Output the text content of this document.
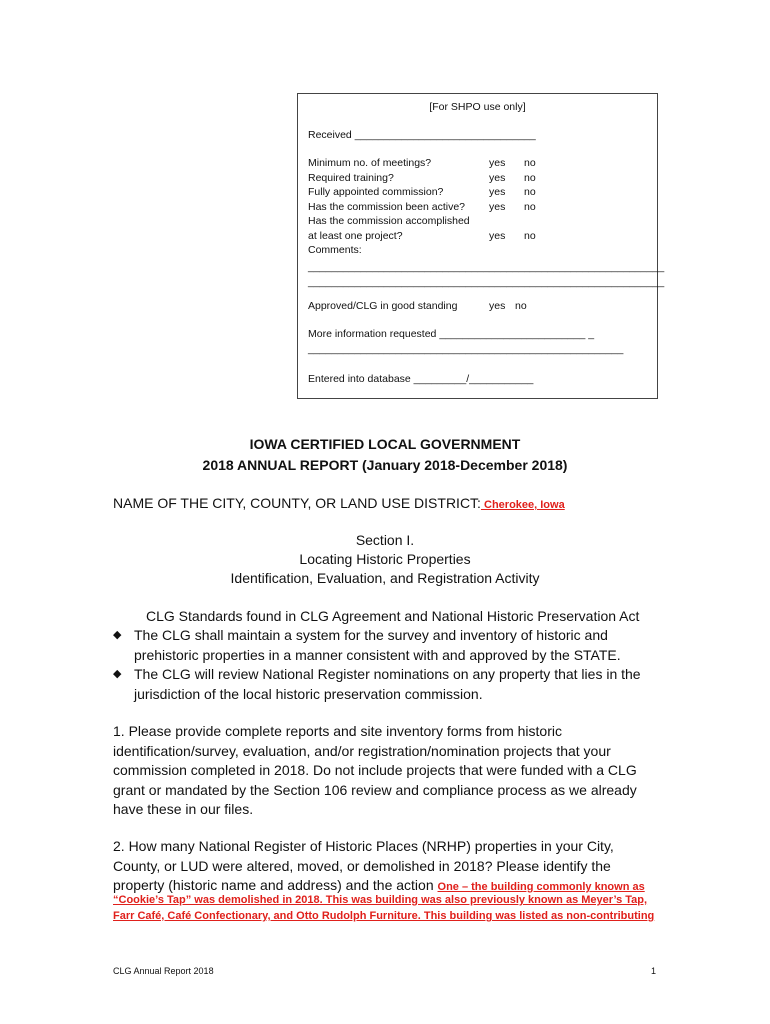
[For SHPO use only]
Received _______________________________
Minimum no. of meetings?	yes no
Required training?	yes no
Fully appointed commission?	yes no
Has the commission been active? yes no
Has the commission accomplished
at least one project?	yes no
Comments:
_____________________________________________________________
_____________________________________________________________
Approved/CLG in good standing	yes no
More information requested _________________________ _
______________________________________________________
Entered into database _________/___________
IOWA CERTIFIED LOCAL GOVERNMENT
2018 ANNUAL REPORT (January 2018-December 2018)
NAME OF THE CITY, COUNTY, OR LAND USE DISTRICT: Cherokee, Iowa
Section I.
Locating Historic Properties
Identification, Evaluation, and Registration Activity
CLG Standards found in CLG Agreement and National Historic Preservation Act
◆ The CLG shall maintain a system for the survey and inventory of historic and
prehistoric properties in a manner consistent with and approved by the STATE.
◆ The CLG will review National Register nominations on any property that lies in the
jurisdiction of the local historic preservation commission.
1. Please provide complete reports and site inventory forms from historic
identification/survey, evaluation, and/or registration/nomination projects that your
commission completed in 2018. Do not include projects that were funded with a CLG
grant or mandated by the Section 106 review and compliance process as we already
have these in our files.
2. How many National Register of Historic Places (NRHP) properties in your City,
County, or LUD were altered, moved, or demolished in 2018? Please identify the
property (historic name and address) and the action One – the building commonly known as
“Cookie’s Tap” was demolished in 2018. This was building was also previously known as Meyer’s Tap,
Farr Café, Café Confectionary, and Otto Rudolph Furniture. This building was listed as non-contributing
CLG Annual Report 2018	1
